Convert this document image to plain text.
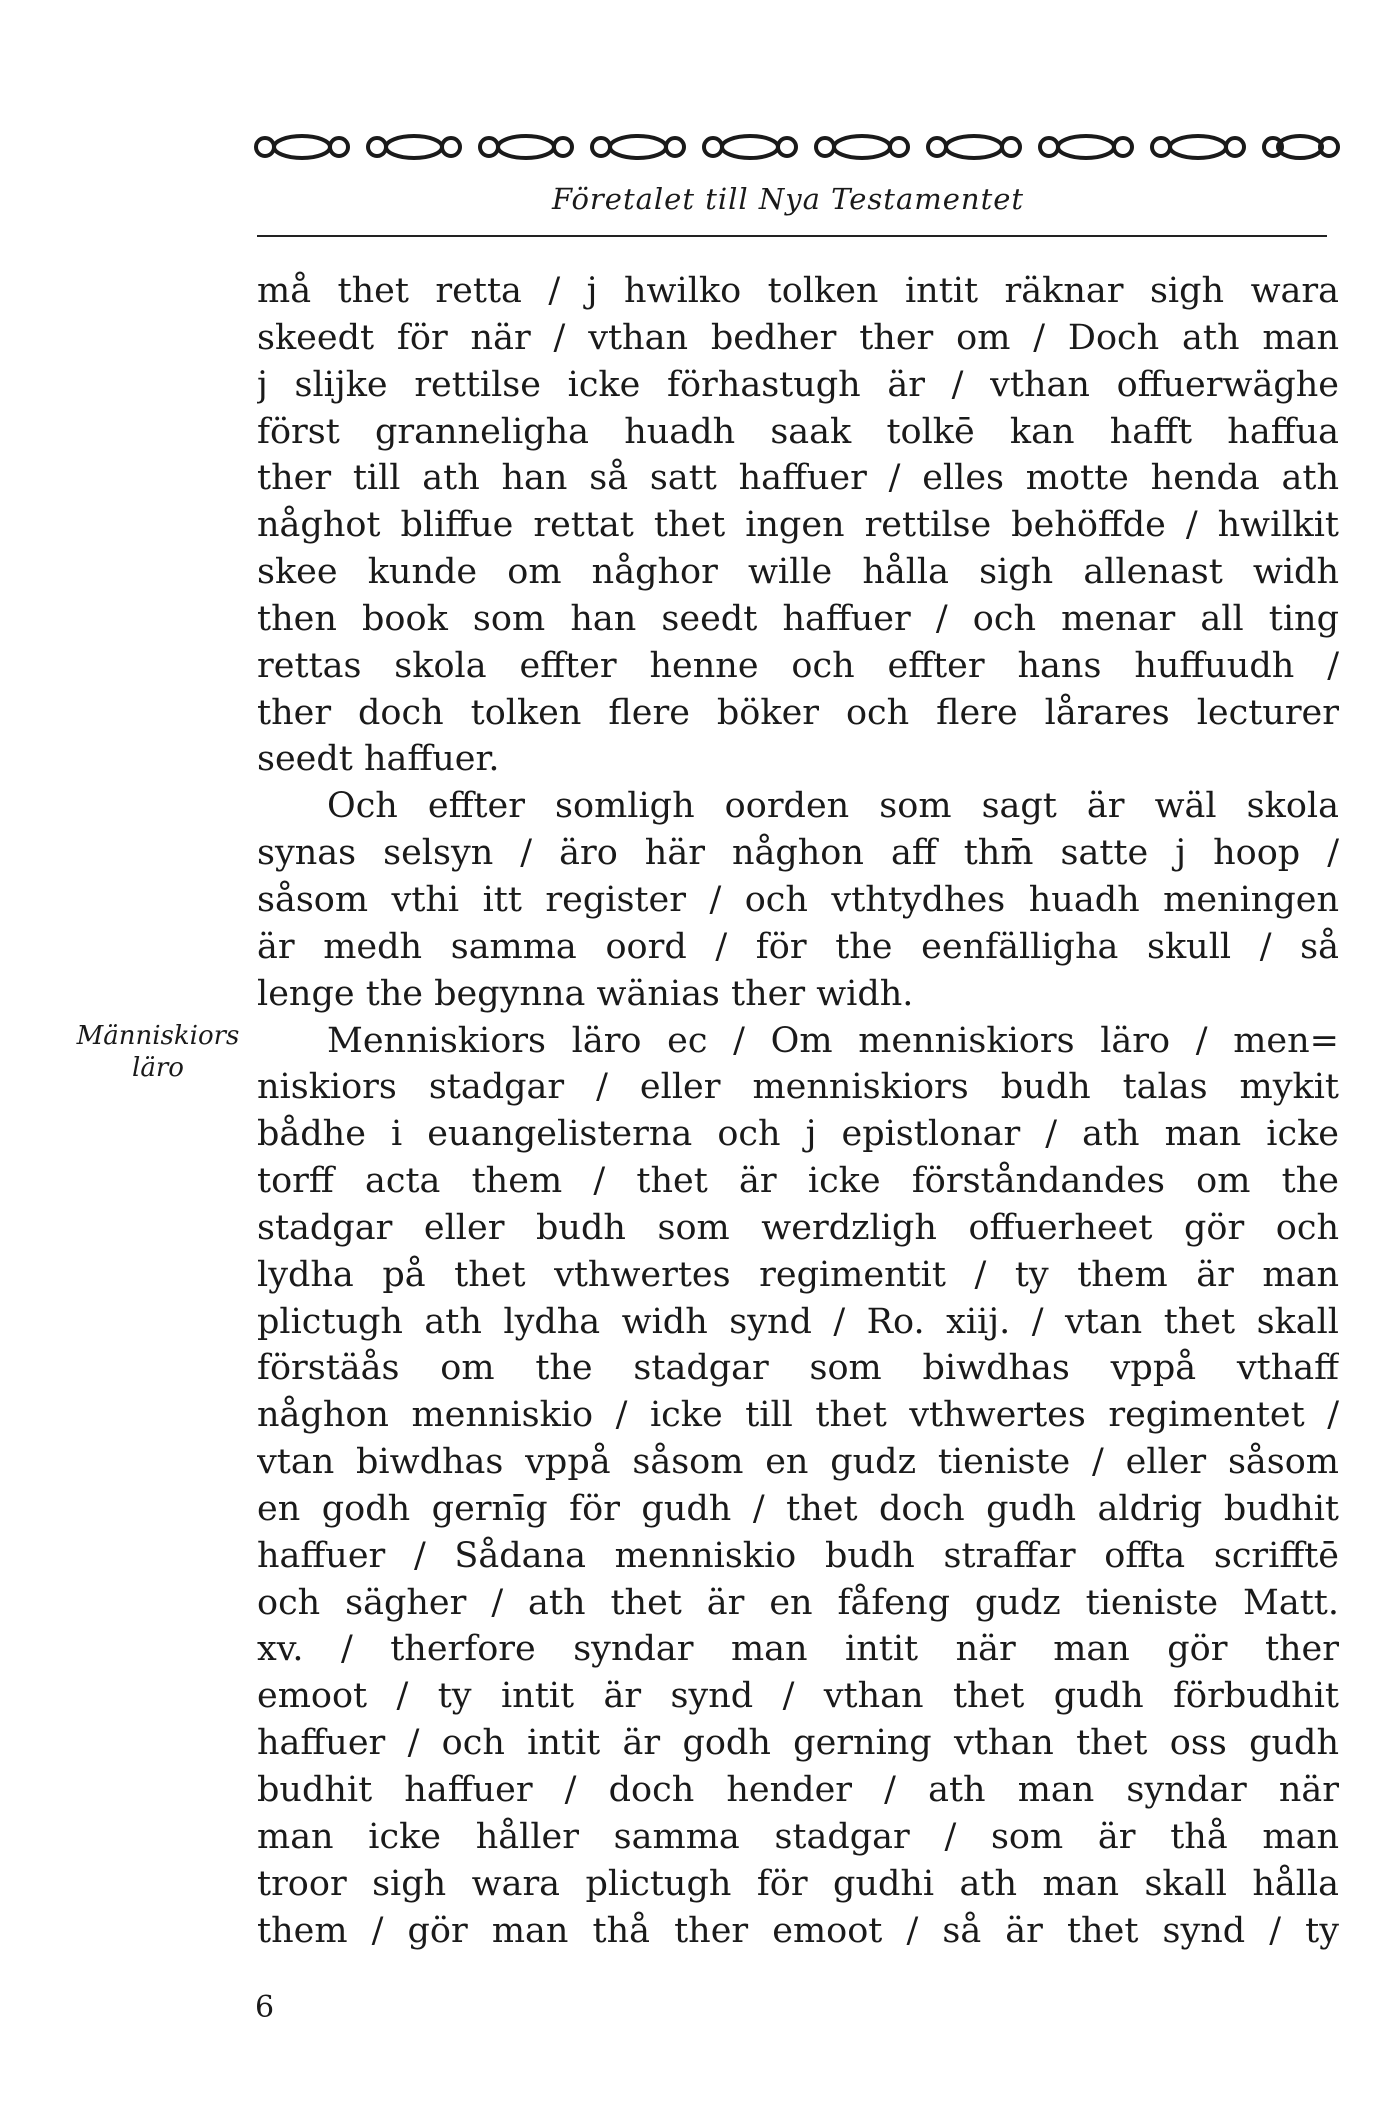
Företalet till Nya Testamentet
Människiors
läro
må thet retta / j hwilko tolken intit räknar sigh wara
skeedt för när / vthan bedher ther om / Doch ath man
j slijke rettilse icke förhastugh är / vthan offuerwäghe
först granneligha huadh saak tolkē kan hafft haffua
ther till ath han så satt haffuer / elles motte henda ath
någhot bliffue rettat thet ingen rettilse behöffde / hwilkit
skee kunde om någhor wille hålla sigh allenast widh
then book som han seedt haffuer / och menar all ting
rettas skola effter henne och effter hans huffuudh /
ther doch tolken flere böker och flere lårares lecturer
seedt haffuer.
Och effter somligh oorden som sagt är wäl skola
synas selsyn / äro här någhon aff thm̄ satte j hoop /
såsom vthi itt register / och vthtydhes huadh meningen
är medh samma oord / för the eenfälligha skull / så
lenge the begynna wänias ther widh.
Menniskiors läro ec / Om menniskiors läro / men=
niskiors stadgar / eller menniskiors budh talas mykit
bådhe i euangelisterna och j epistlonar / ath man icke
torff acta them / thet är icke förståndandes om the
stadgar eller budh som werdzligh offuerheet gör och
lydha på thet vthwertes regimentit / ty them är man
plictugh ath lydha widh synd / Ro. xiij. / vtan thet skall
förstäås om the stadgar som biwdhas vppå vthaff
någhon menniskio / icke till thet vthwertes regimentet /
vtan biwdhas vppå såsom en gudz tieniste / eller såsom
en godh gernīg för gudh / thet doch gudh aldrig budhit
haffuer / Sådana menniskio budh straffar offta scrifftē
och sägher / ath thet är en fåfeng gudz tieniste Matt.
xv. / therfore syndar man intit när man gör ther
emoot / ty intit är synd / vthan thet gudh förbudhit
haffuer / och intit är godh gerning vthan thet oss gudh
budhit haffuer / doch hender / ath man syndar när
man icke håller samma stadgar / som är thå man
troor sigh wara plictugh för gudhi ath man skall hålla
them / gör man thå ther emoot / så är thet synd / ty
6
